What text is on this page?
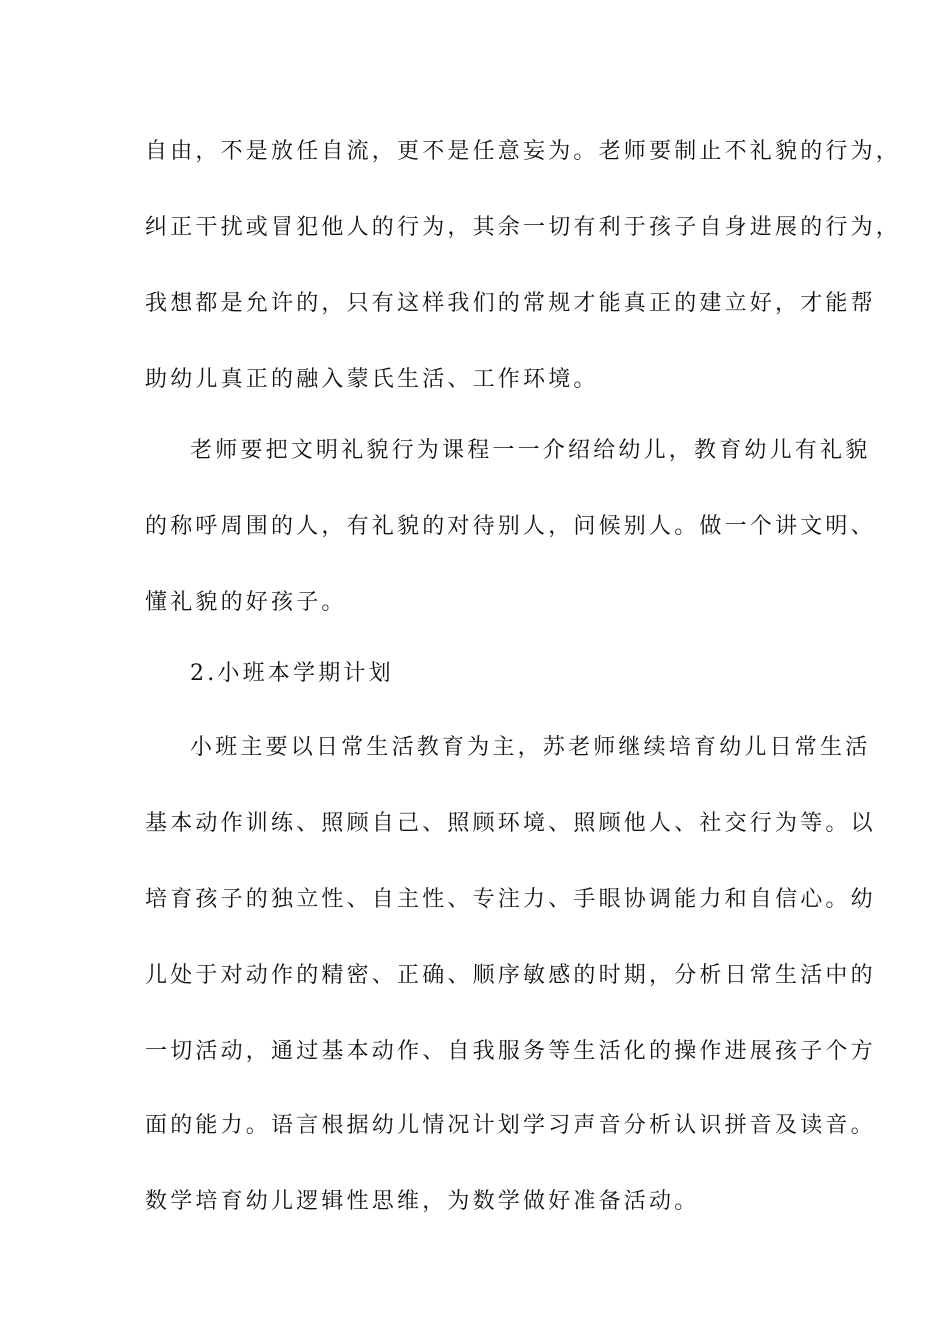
自由，不是放任自流，更不是任意妄为。老师要制止不礼貌的行为，
纠正干扰或冒犯他人的行为，其余一切有利于孩子自身进展的行为，
我想都是允许的，只有这样我们的常规才能真正的建立好，才能帮
助幼儿真正的融入蒙氏生活、工作环境。
老师要把文明礼貌行为课程一一介绍给幼儿，教育幼儿有礼貌
的称呼周围的人，有礼貌的对待别人，问候别人。做一个讲文明、
懂礼貌的好孩子。
2.小班本学期计划
小班主要以日常生活教育为主，苏老师继续培育幼儿日常生活
基本动作训练、照顾自己、照顾环境、照顾他人、社交行为等。以
培育孩子的独立性、自主性、专注力、手眼协调能力和自信心。幼
儿处于对动作的精密、正确、顺序敏感的时期，分析日常生活中的
一切活动，通过基本动作、自我服务等生活化的操作进展孩子个方
面的能力。语言根据幼儿情况计划学习声音分析认识拼音及读音。
数学培育幼儿逻辑性思维，为数学做好准备活动。
